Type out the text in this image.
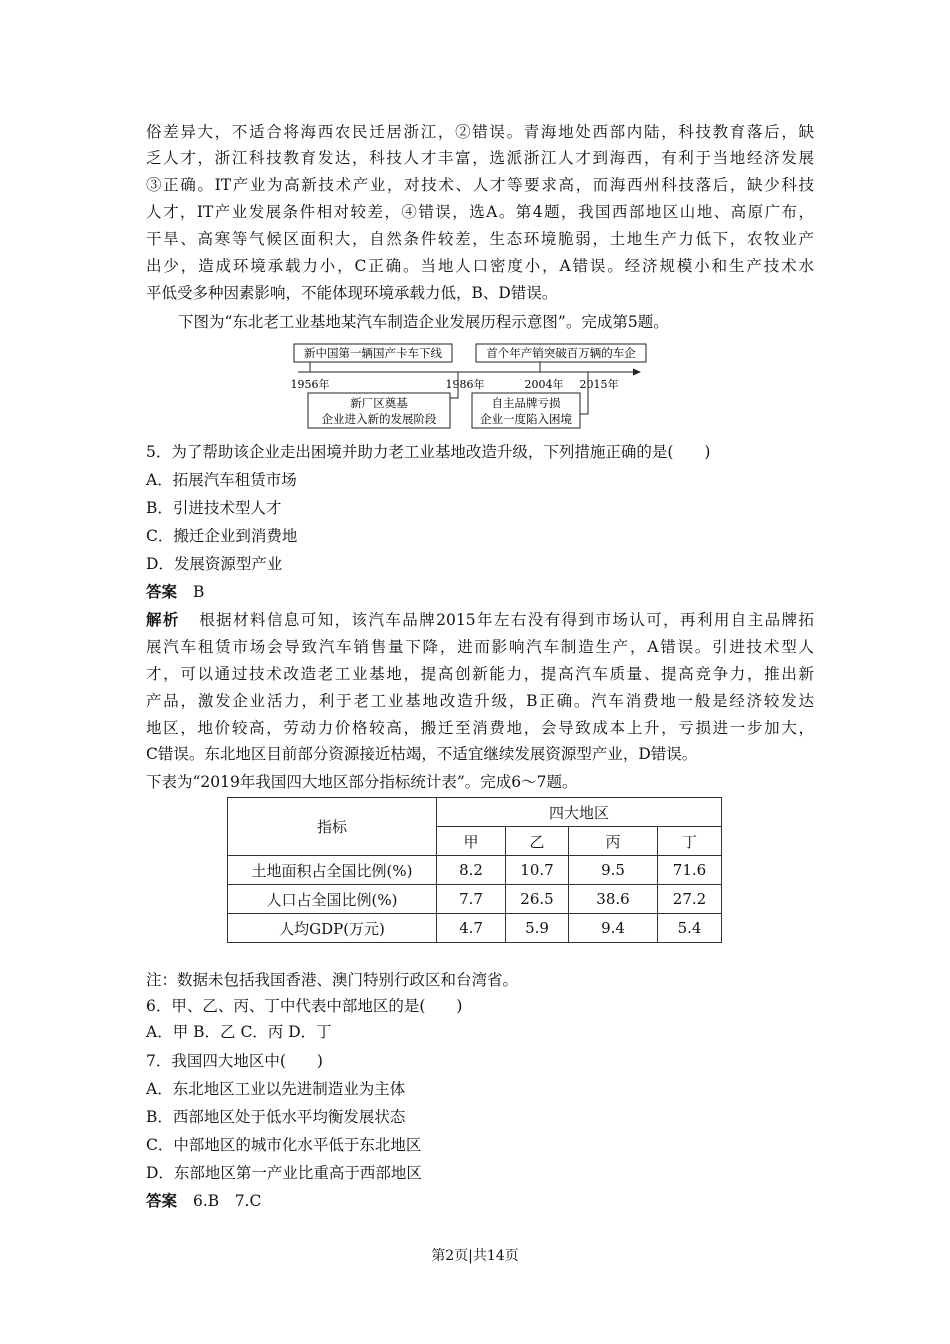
俗差异大，不适合将海西农民迁居浙江，②错误。青海地处西部内陆，科技教育落后，缺
乏人才，浙江科技教育发达，科技人才丰富，选派浙江人才到海西，有利于当地经济发展
③正确。IT产业为高新技术产业，对技术、人才等要求高，而海西州科技落后，缺少科技
人才，IT产业发展条件相对较差，④错误，选A。第4题，我国西部地区山地、高原广布，
干旱、高寒等气候区面积大，自然条件较差，生态环境脆弱，土地生产力低下，农牧业产
出少，造成环境承载力小，C正确。当地人口密度小，A错误。经济规模小和生产技术水
平低受多种因素影响，不能体现环境承载力低，B、D错误。
下图为“东北老工业基地某汽车制造企业发展历程示意图”。完成第5题。
新中国第一辆国产卡车下线	首个年产销突破百万辆的车企
1956年	1986年	2004年 2015年
新厂区奠基
企业进入新的发展阶段
自主品牌亏损
企业一度陷入困境
5．为了帮助该企业走出困境并助力老工业基地改造升级，下列措施正确的是(　　)
A．拓展汽车租赁市场
B．引进技术型人才
C．搬迁企业到消费地
D．发展资源型产业
答案 B
解析 根据材料信息可知，该汽车品牌2015年左右没有得到市场认可，再利用自主品牌拓
展汽车租赁市场会导致汽车销售量下降，进而影响汽车制造生产，A错误。引进技术型人
才，可以通过技术改造老工业基地，提高创新能力，提高汽车质量、提高竞争力，推出新
产品，激发企业活力，利于老工业基地改造升级，B正确。汽车消费地一般是经济较发达
地区，地价较高，劳动力价格较高，搬迁至消费地，会导致成本上升，亏损进一步加大，
C错误。东北地区目前部分资源接近枯竭，不适宜继续发展资源型产业，D错误。
下表为“2019年我国四大地区部分指标统计表”。完成6～7题。
指标	四大地区			
	甲	乙	丙	丁
土地面积占全国比例(%)	8.2	10.7	9.5	71.6
人口占全国比例(%)	7.7	26.5	38.6	27.2
人均GDP(万元)	4.7	5.9	9.4	5.4
注：数据未包括我国香港、澳门特别行政区和台湾省。
6．甲、乙、丙、丁中代表中部地区的是(　　)
A．甲 B．乙 C．丙 D．丁
7．我国四大地区中(　　)
A．东北地区工业以先进制造业为主体
B．西部地区处于低水平均衡发展状态
C．中部地区的城市化水平低于东北地区
D．东部地区第一产业比重高于西部地区
答案 6.B　7.C
第2页|共14页
